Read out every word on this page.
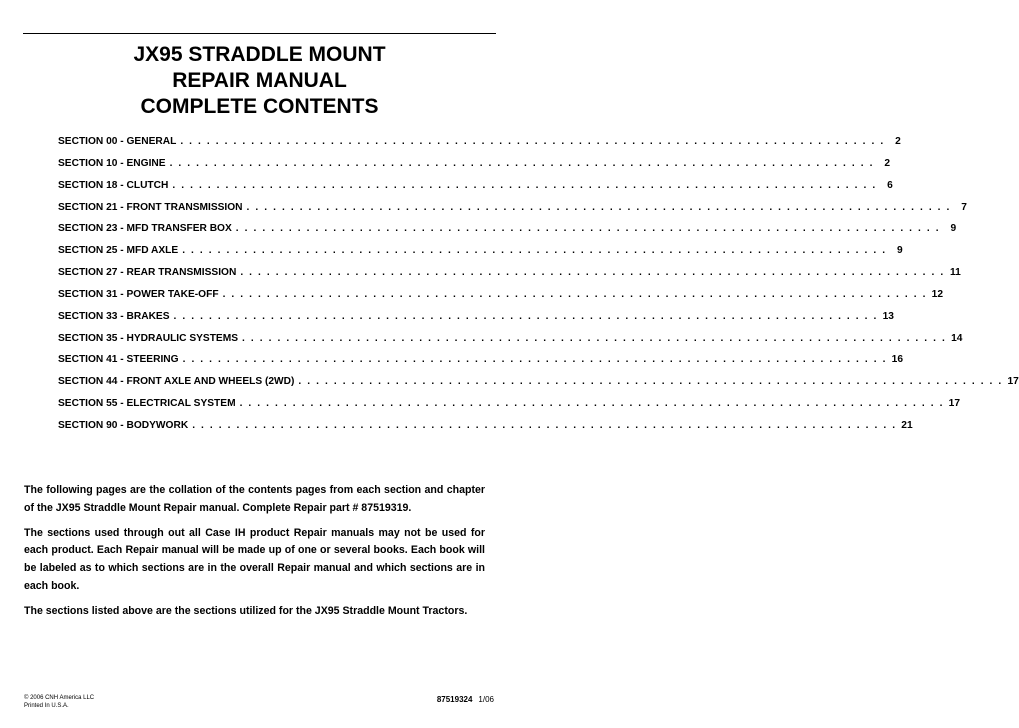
JX95 STRADDLE MOUNT
REPAIR MANUAL
COMPLETE CONTENTS
SECTION 00 - GENERAL . . . . . . . . . . . . . . . . . . . . . . . . . . . . . . . . . . . . . . . . . . . . . . . . . . . . . . . . . . . . . . . . . . . . . . . . . . . . . . . .	2
SECTION 10 - ENGINE . . . . . . . . . . . . . . . . . . . . . . . . . . . . . . . . . . . . . . . . . . . . . . . . . . . . . . . . . . . . . . . . . . . . . . . . . . . . . . . .	2
SECTION 18 - CLUTCH . . . . . . . . . . . . . . . . . . . . . . . . . . . . . . . . . . . . . . . . . . . . . . . . . . . . . . . . . . . . . . . . . . . . . . . . . . . . . . . .	6
SECTION 21 - FRONT TRANSMISSION . . . . . . . . . . . . . . . . . . . . . . . . . . . . . . . . . . . . . . . . . . . . . . . . . . . . . . . . . . . . . . . . . . . . . . . . . . . . . . . .	7
SECTION 23 - MFD TRANSFER BOX . . . . . . . . . . . . . . . . . . . . . . . . . . . . . . . . . . . . . . . . . . . . . . . . . . . . . . . . . . . . . . . . . . . . . . . . . . . . . . . .	9
SECTION 25 - MFD AXLE . . . . . . . . . . . . . . . . . . . . . . . . . . . . . . . . . . . . . . . . . . . . . . . . . . . . . . . . . . . . . . . . . . . . . . . . . . . . . . . .	9
SECTION 27 - REAR TRANSMISSION . . . . . . . . . . . . . . . . . . . . . . . . . . . . . . . . . . . . . . . . . . . . . . . . . . . . . . . . . . . . . . . . . . . . . . . . . . . . . . . . 11
SECTION 31 - POWER TAKE-OFF . . . . . . . . . . . . . . . . . . . . . . . . . . . . . . . . . . . . . . . . . . . . . . . . . . . . . . . . . . . . . . . . . . . . . . . . . . . . . . . . 12
SECTION 33 - BRAKES . . . . . . . . . . . . . . . . . . . . . . . . . . . . . . . . . . . . . . . . . . . . . . . . . . . . . . . . . . . . . . . . . . . . . . . . . . . . . . . . 13
SECTION 35 - HYDRAULIC SYSTEMS . . . . . . . . . . . . . . . . . . . . . . . . . . . . . . . . . . . . . . . . . . . . . . . . . . . . . . . . . . . . . . . . . . . . . . . . . . . . . . . . 14
SECTION 41 - STEERING . . . . . . . . . . . . . . . . . . . . . . . . . . . . . . . . . . . . . . . . . . . . . . . . . . . . . . . . . . . . . . . . . . . . . . . . . . . . . . . . 16
SECTION 44 - FRONT AXLE AND WHEELS (2WD) . . . . . . . . . . . . . . . . . . . . . . . . . . . . . . . . . . . . . . . . . . . . . . . . . . . . . . . . . . . . . . . . . . . . . . . . . . . . . . . . 17
SECTION 55 - ELECTRICAL SYSTEM . . . . . . . . . . . . . . . . . . . . . . . . . . . . . . . . . . . . . . . . . . . . . . . . . . . . . . . . . . . . . . . . . . . . . . . . . . . . . . . . 17
SECTION 90 - BODYWORK . . . . . . . . . . . . . . . . . . . . . . . . . . . . . . . . . . . . . . . . . . . . . . . . . . . . . . . . . . . . . . . . . . . . . . . . . . . . . . . . 21

The following pages are the collation of the contents pages from each section and chapter of the JX95 Straddle Mount Repair manual. Complete Repair part # 87519319.

The sections used through out all Case IH product Repair manuals may not be used for each product. Each Repair manual will be made up of one or several books. Each book will be labeled as to which sections are in the overall Repair manual and which sections are in each book.

The sections listed above are the sections utilized for the JX95 Straddle Mount Tractors.

© 2006 CNH America LLC
Printed In U.S.A.
87519324 1/06
